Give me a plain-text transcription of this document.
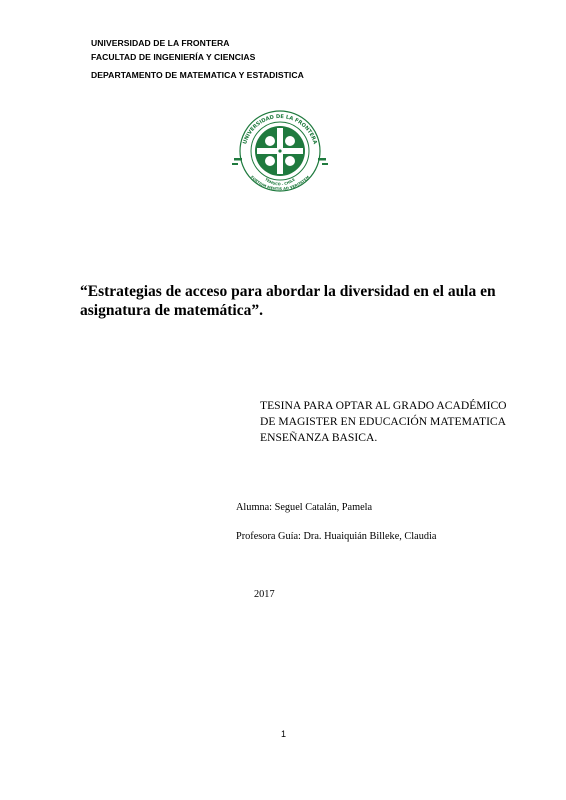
UNIVERSIDAD DE LA FRONTERA
FACULTAD DE INGENIERÍA Y CIENCIAS
DEPARTAMENTO DE MATEMATICA Y ESTADISTICA
UNIVERSIDAD DE LA FRONTERA
TEMUCO - CHILE
FORTIUM MENTIS AD VERITATEM
“Estrategias de acceso para abordar la diversidad en el aula en
asignatura de matemática”.
TESINA PARA OPTAR AL GRADO ACADÉMICO
DE MAGISTER EN EDUCACIÓN MATEMATICA
ENSEÑANZA BASICA.
Alumna: Seguel Catalán, Pamela
Profesora Guía: Dra. Huaiquián Billeke, Claudia
2017
1
